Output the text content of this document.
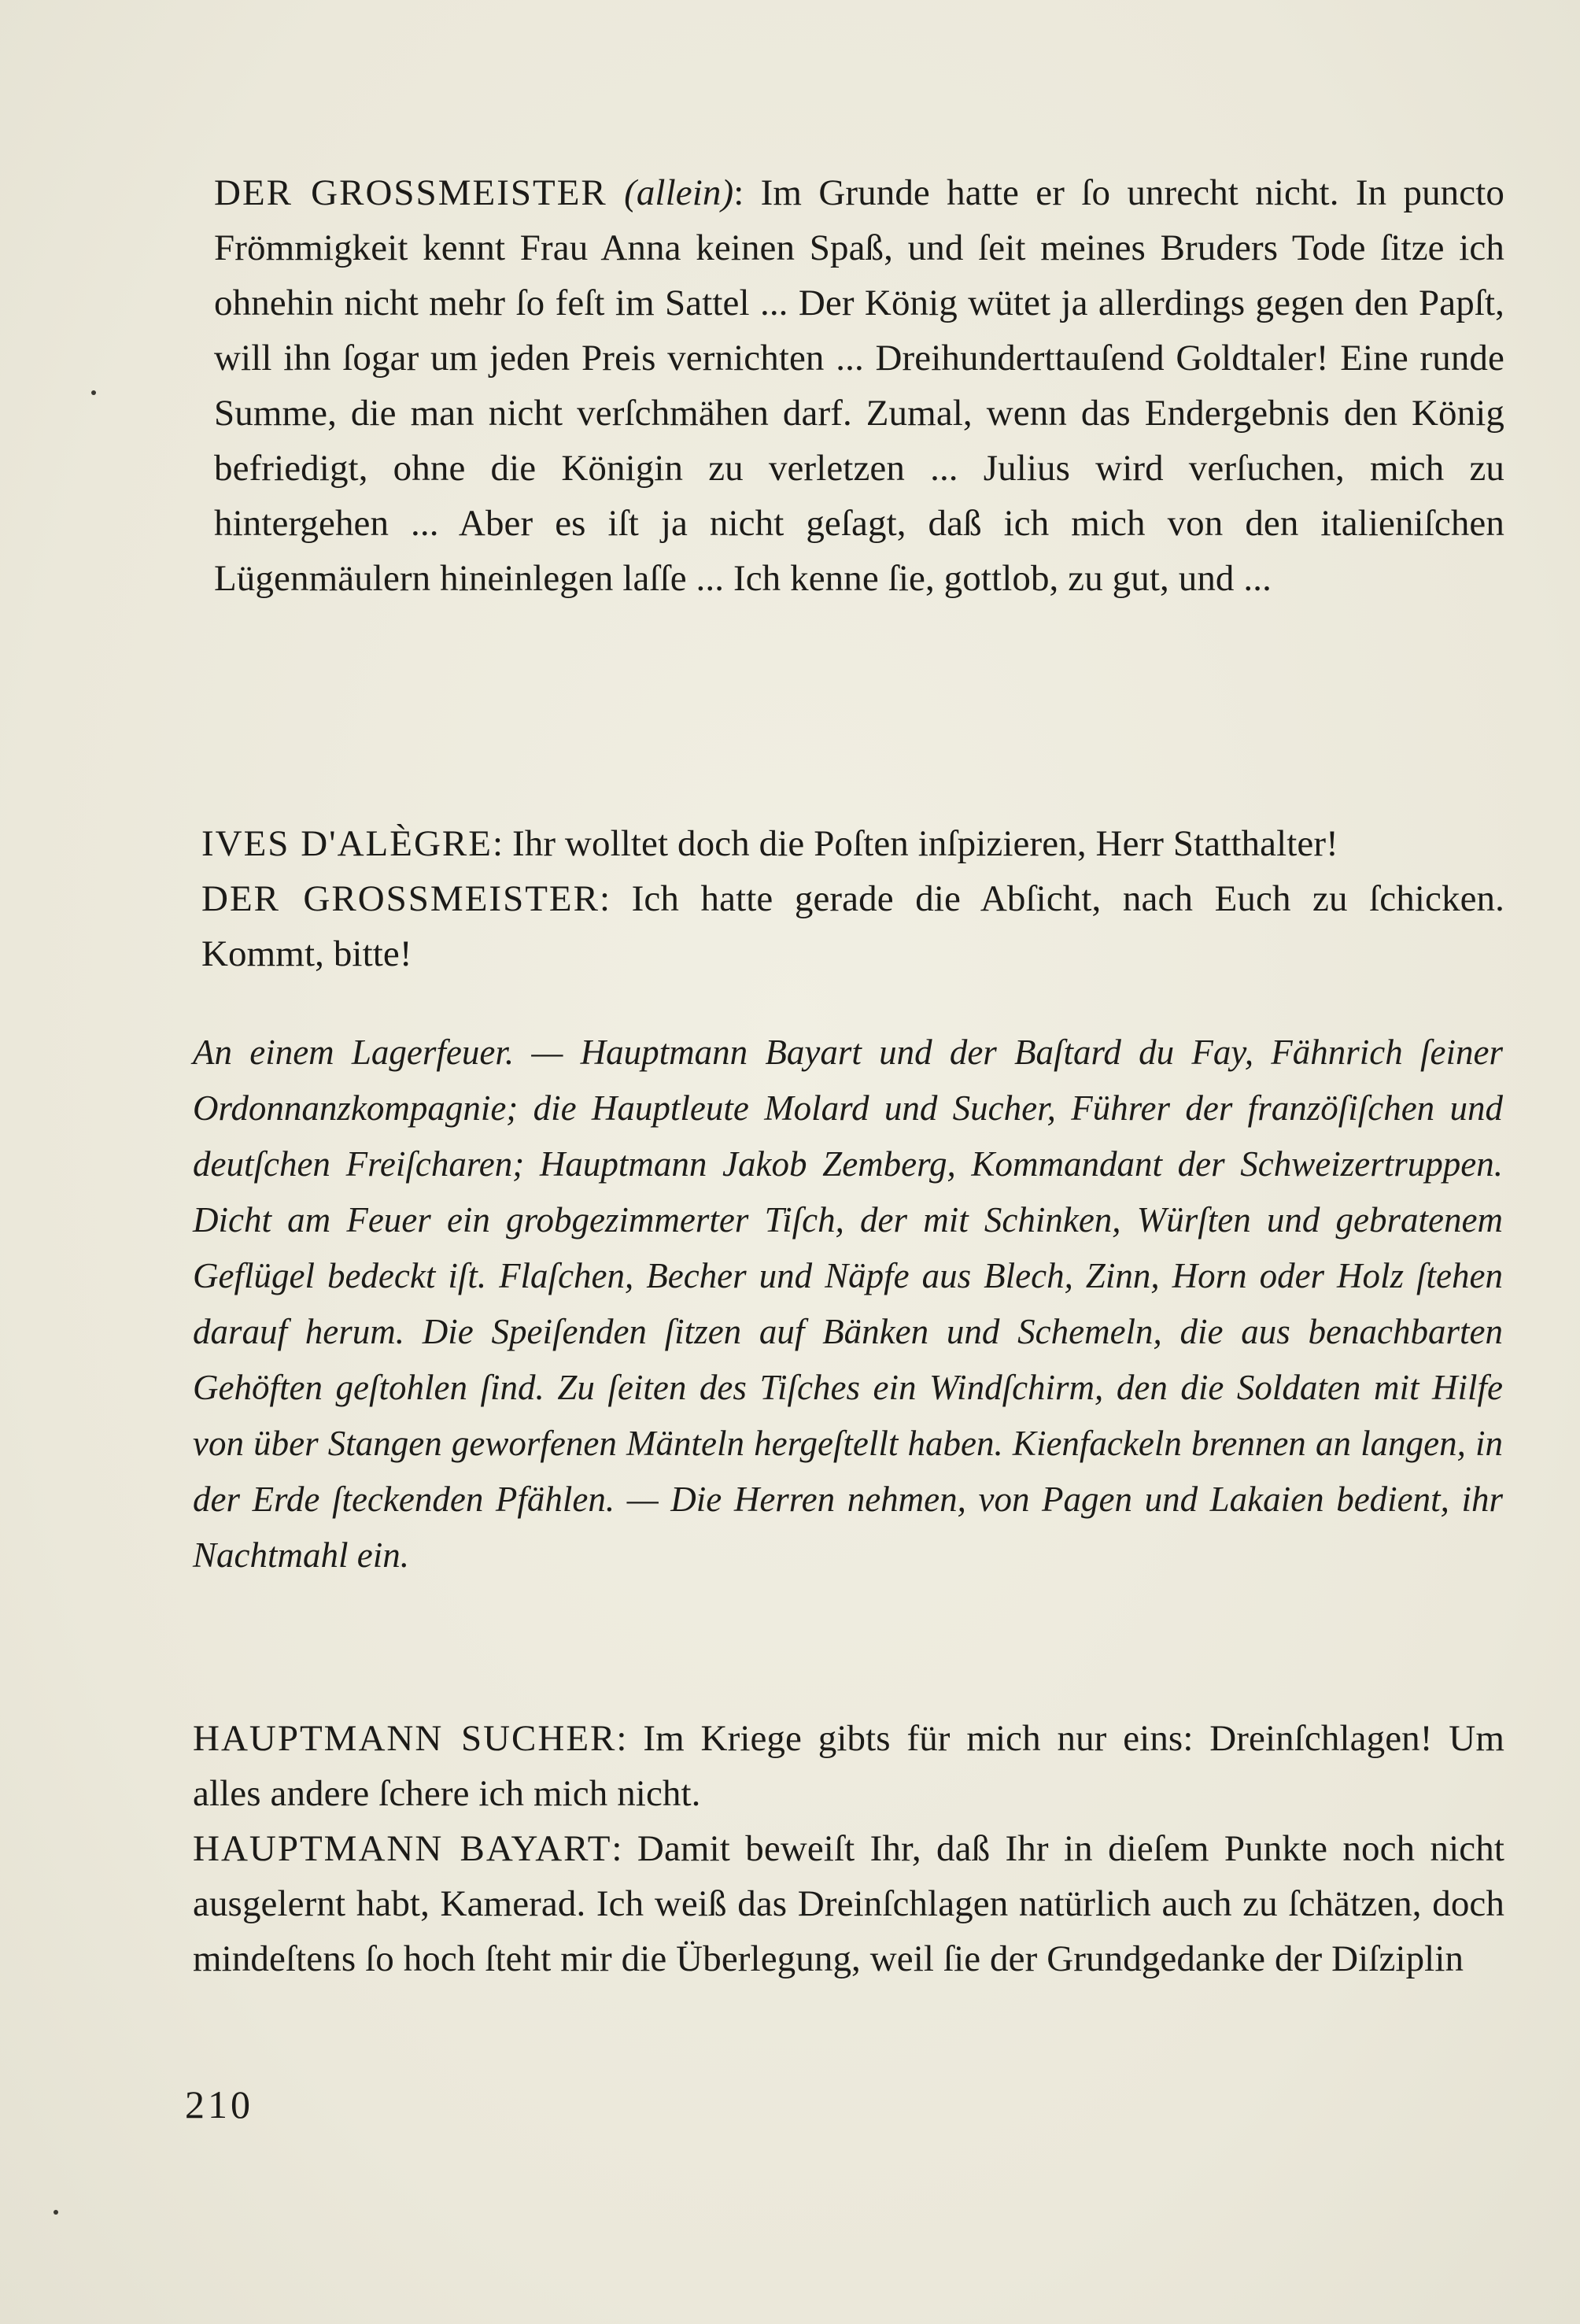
DER GROSSMEISTER (allein): Im Grunde hatte er ſo unrecht nicht. In puncto Frömmigkeit kennt Frau Anna keinen Spaß, und ſeit meines Bruders Tode ſitze ich ohnehin nicht mehr ſo feſt im Sattel ... Der König wütet ja allerdings gegen den Papſt, will ihn ſogar um jeden Preis vernichten ... Dreihunderttauſend Goldtaler! Eine runde Summe, die man nicht verſchmähen darf. Zumal, wenn das Endergebnis den König befriedigt, ohne die Königin zu verletzen ... Julius wird verſuchen, mich zu hintergehen ... Aber es iſt ja nicht geſagt, daß ich mich von den italieniſchen Lügenmäulern hineinlegen laſſe ... Ich kenne ſie, gottlob, zu gut, und ...

IVES D'ALÈGRE: Ihr wolltet doch die Poſten inſpizieren, Herr Statthalter!

DER GROSSMEISTER: Ich hatte gerade die Abſicht, nach Euch zu ſchicken. Kommt, bitte!

An einem Lagerfeuer. — Hauptmann Bayart und der Baſtard du Fay, Fähnrich ſeiner Ordonnanzkompagnie; die Hauptleute Molard und Sucher, Führer der franzöſiſchen und deutſchen Freiſcharen; Hauptmann Jakob Zemberg, Kommandant der Schweizertruppen. Dicht am Feuer ein grobgezimmerter Tiſch, der mit Schinken, Würſten und gebratenem Geflügel bedeckt iſt. Flaſchen, Becher und Näpfe aus Blech, Zinn, Horn oder Holz ſtehen darauf herum. Die Speiſenden ſitzen auf Bänken und Schemeln, die aus benachbarten Gehöften geſtohlen ſind. Zu ſeiten des Tiſches ein Windſchirm, den die Soldaten mit Hilfe von über Stangen geworfenen Mänteln hergeſtellt haben. Kienfackeln brennen an langen, in der Erde ſteckenden Pfählen. — Die Herren nehmen, von Pagen und Lakaien bedient, ihr Nachtmahl ein.

HAUPTMANN SUCHER: Im Kriege gibts für mich nur eins: Dreinſchlagen! Um alles andere ſchere ich mich nicht.

HAUPTMANN BAYART: Damit beweiſt Ihr, daß Ihr in dieſem Punkte noch nicht ausgelernt habt, Kamerad. Ich weiß das Dreinſchlagen natürlich auch zu ſchätzen, doch mindeſtens ſo hoch ſteht mir die Überlegung, weil ſie der Grundgedanke der Diſziplin

210
